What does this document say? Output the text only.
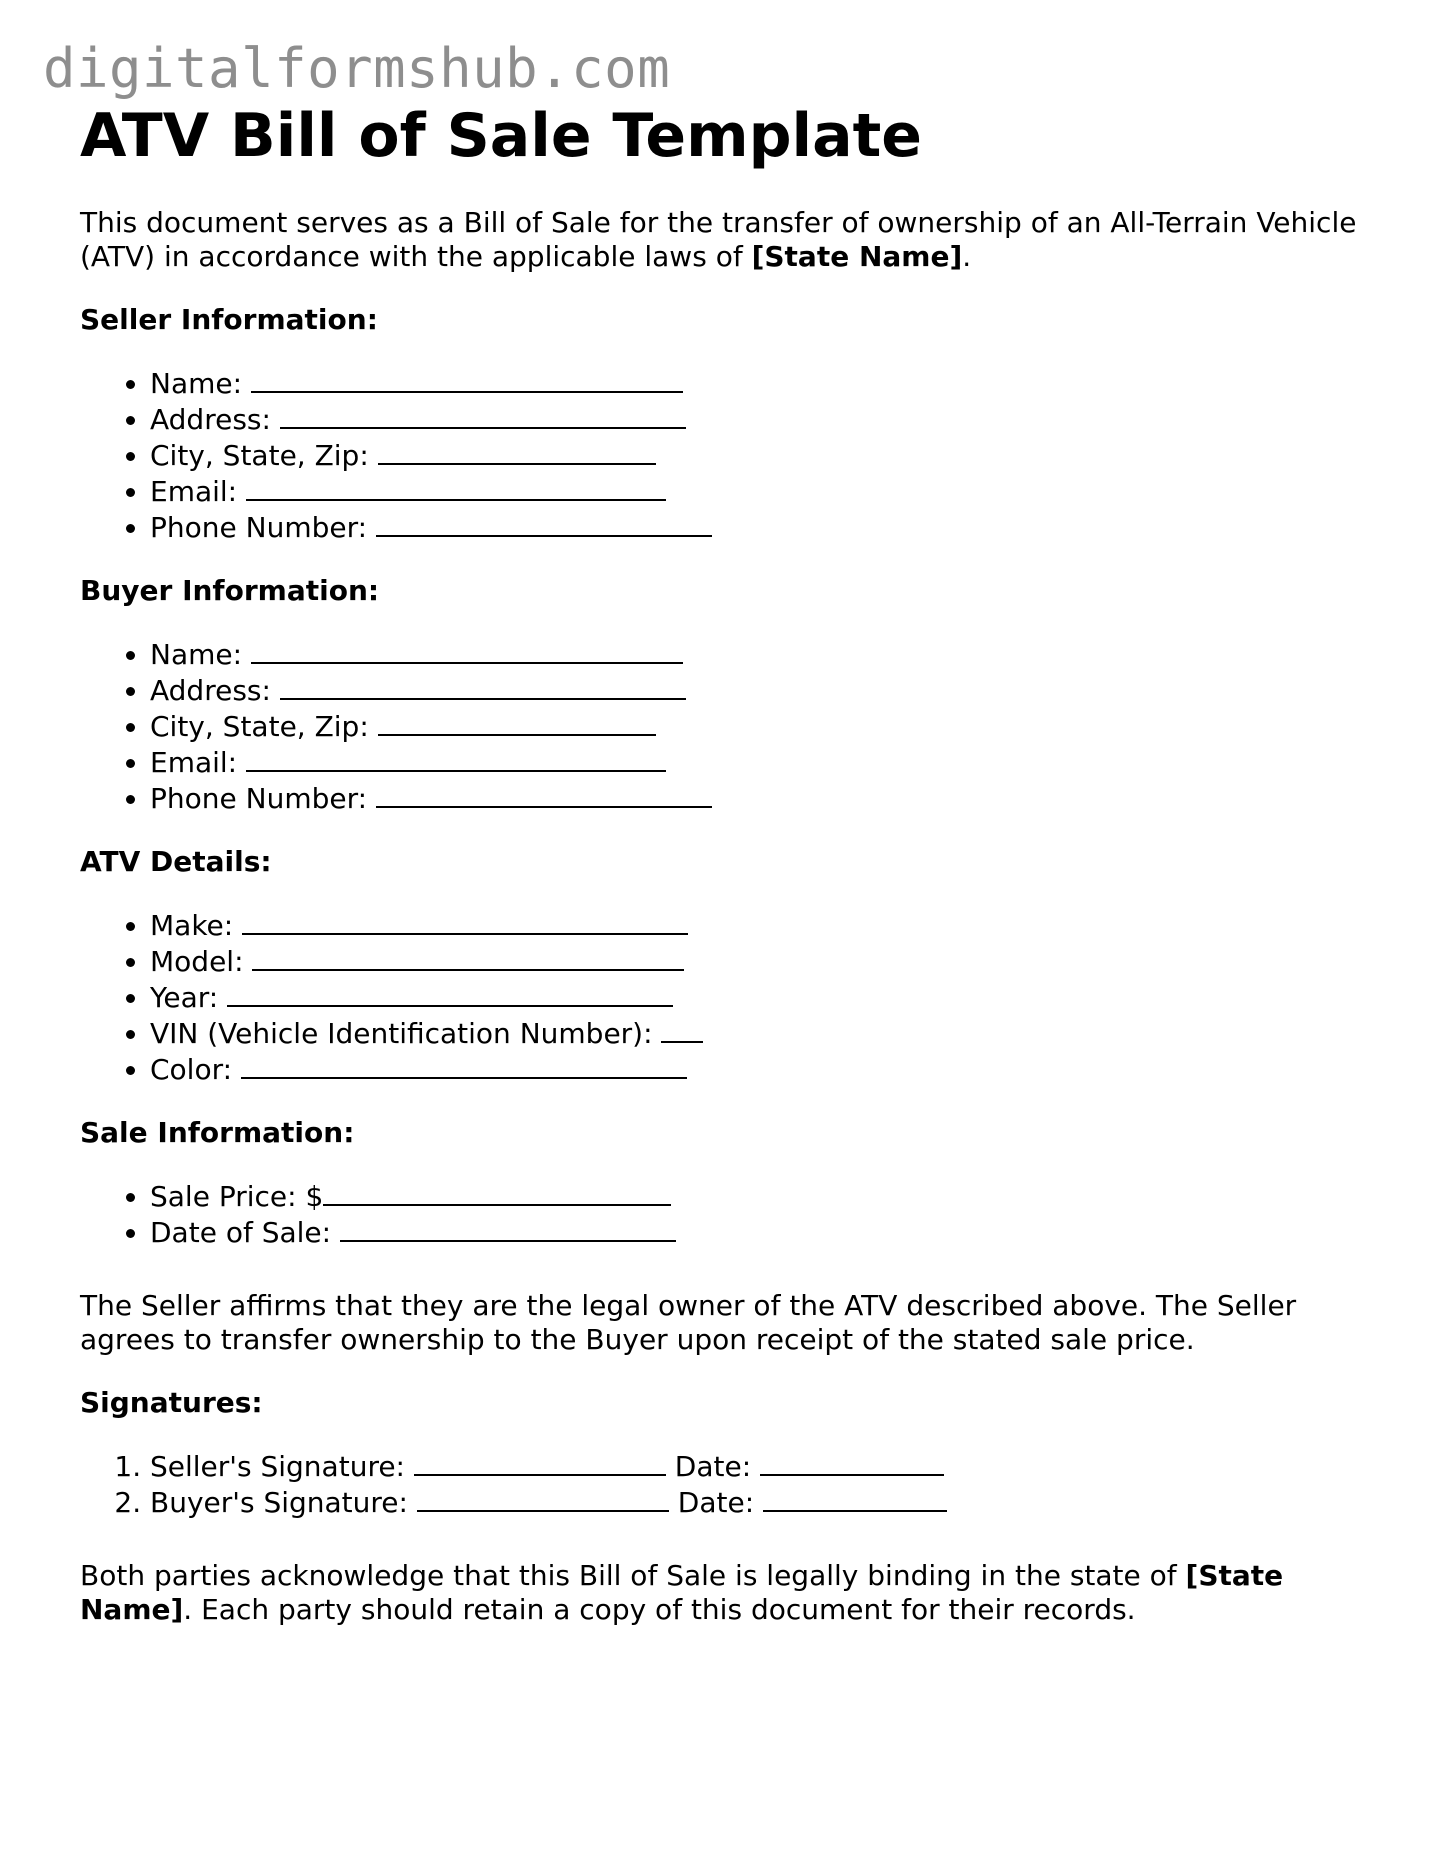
digitalformshub.com
ATV Bill of Sale Template

This document serves as a Bill of Sale for the transfer of ownership of an All-Terrain Vehicle (ATV) in accordance with the applicable laws of [State Name].

Seller Information:
• Name:
• Address:
• City, State, Zip:
• Email:
• Phone Number:
Buyer Information:
• Name:
• Address:
• City, State, Zip:
• Email:
• Phone Number:
ATV Details:
• Make:
• Model:
• Year:
• VIN (Vehicle Identification Number):
• Color:
Sale Information:
• Sale Price: $
• Date of Sale:

The Seller affirms that they are the legal owner of the ATV described above. The Seller agrees to transfer ownership to the Buyer upon receipt of the stated sale price.

Signatures:
1. Seller's Signature:	Date:
2. Buyer's Signature:	Date:

Both parties acknowledge that this Bill of Sale is legally binding in the state of [State Name]. Each party should retain a copy of this document for their records.
